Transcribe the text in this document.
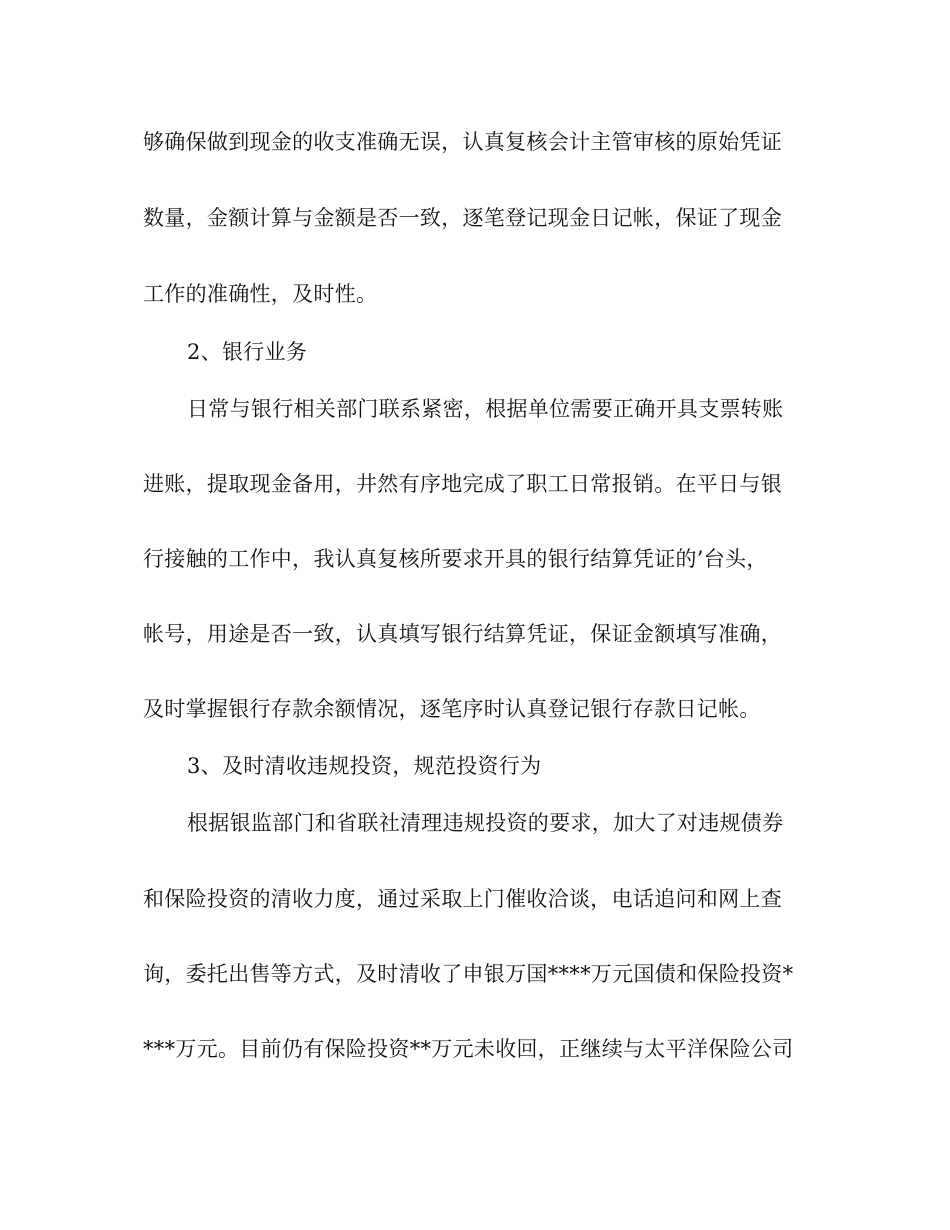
够确保做到现金的收支准确无误，认真复核会计主管审核的原始凭证
数量，金额计算与金额是否一致，逐笔登记现金日记帐，保证了现金
工作的准确性，及时性。
2、银行业务
日常与银行相关部门联系紧密，根据单位需要正确开具支票转账
进账，提取现金备用，井然有序地完成了职工日常报销。在平日与银
行接触的工作中，我认真复核所要求开具的银行结算凭证的’台头，
帐号，用途是否一致，认真填写银行结算凭证，保证金额填写准确，
及时掌握银行存款余额情况，逐笔序时认真登记银行存款日记帐。
3、及时清收违规投资，规范投资行为
根据银监部门和省联社清理违规投资的要求，加大了对违规债券
和保险投资的清收力度，通过采取上门催收洽谈，电话追问和网上查
询，委托出售等方式，及时清收了申银万国****万元国债和保险投资*
***万元。目前仍有保险投资**万元未收回，正继续与太平洋保险公司
